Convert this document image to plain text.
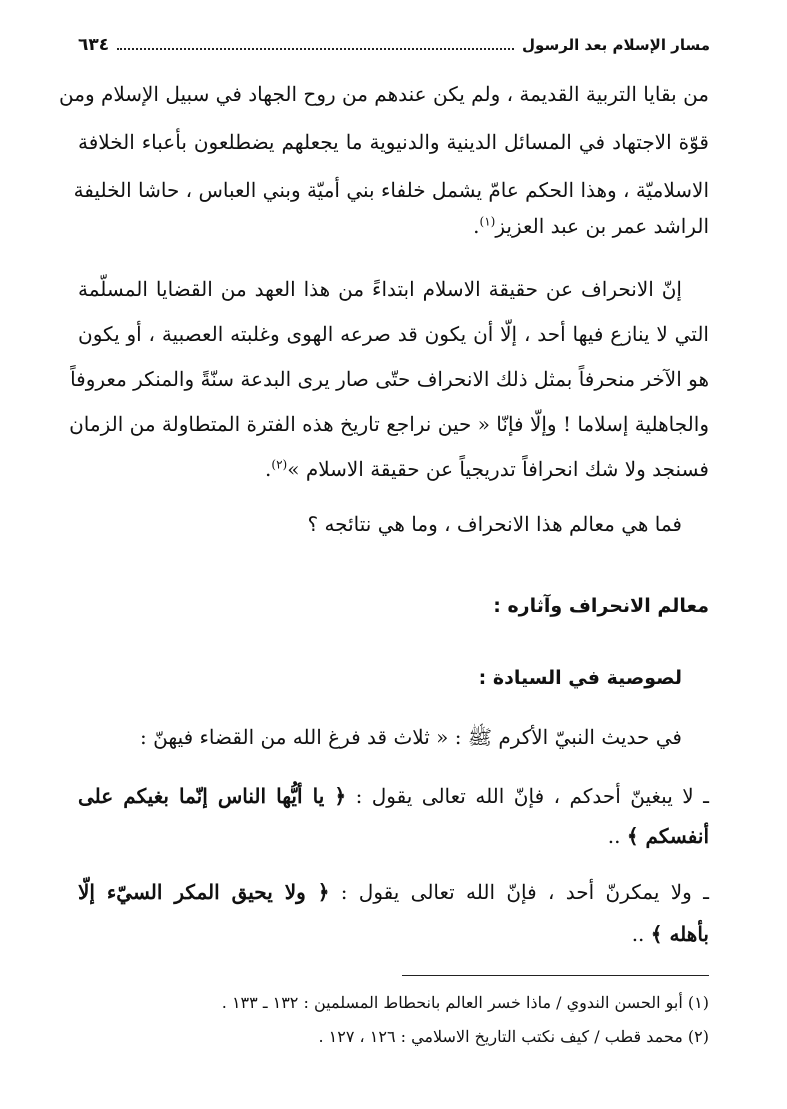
مسار الإسلام بعد الرسول
٦٣٤
من بقايا التربية القديمة ، ولم يكن عندهم من روح الجهاد في سبيل الإسلام ومن
قوّة الاجتهاد في المسائل الدينية والدنيوية ما يجعلهم يضطلعون بأعباء الخلافة
الاسلاميّة ، وهذا الحكم عامّ يشمل خلفاء بني أميّة وبني العباس ، حاشا الخليفة
الراشد عمر بن عبد العزيز$^{(١)}$.
إنّ الانحراف عن حقيقة الاسلام ابتداءً من هذا العهد من القضايا المسلّمة
التي لا ينازع فيها أحد ، إلّا أن يكون قد صرعه الهوى وغلبته العصبية ، أو يكون
هو الآخر منحرفاً بمثل ذلك الانحراف حتّى صار يرى البدعة سنّةً والمنكر معروفاً
والجاهلية إسلاما ! وإلّا فإنّا « حين نراجع تاريخ هذه الفترة المتطاولة من الزمان
فسنجد ولا شك انحرافاً تدريجياً عن حقيقة الاسلام »$^{(٢)}$.
فما هي معالم هذا الانحراف ، وما هي نتائجه ؟
معالم الانحراف وآثاره :
لصوصية في السيادة :
في حديث النبيّ الأكرم ﷺ : « ثلاث قد فرغ الله من القضاء فيهنّ :
ـ لا يبغينّ أحدكم ، فإنّ الله تعالى يقول : ﴿ يا أيُّها الناس إنّما بغيكم على
أنفسكم ﴾ ..
ـ ولا يمكرنّ أحد ، فإنّ الله تعالى يقول : ﴿ ولا يحيق المكر السيّء إلّا
بأهله ﴾ ..
(١) أبو الحسن الندوي / ماذا خسر العالم بانحطاط المسلمين : ١٣٢ ـ ١٣٣ .
(٢) محمد قطب / كيف نكتب التاريخ الاسلامي : ١٢٦ ، ١٢٧ .
